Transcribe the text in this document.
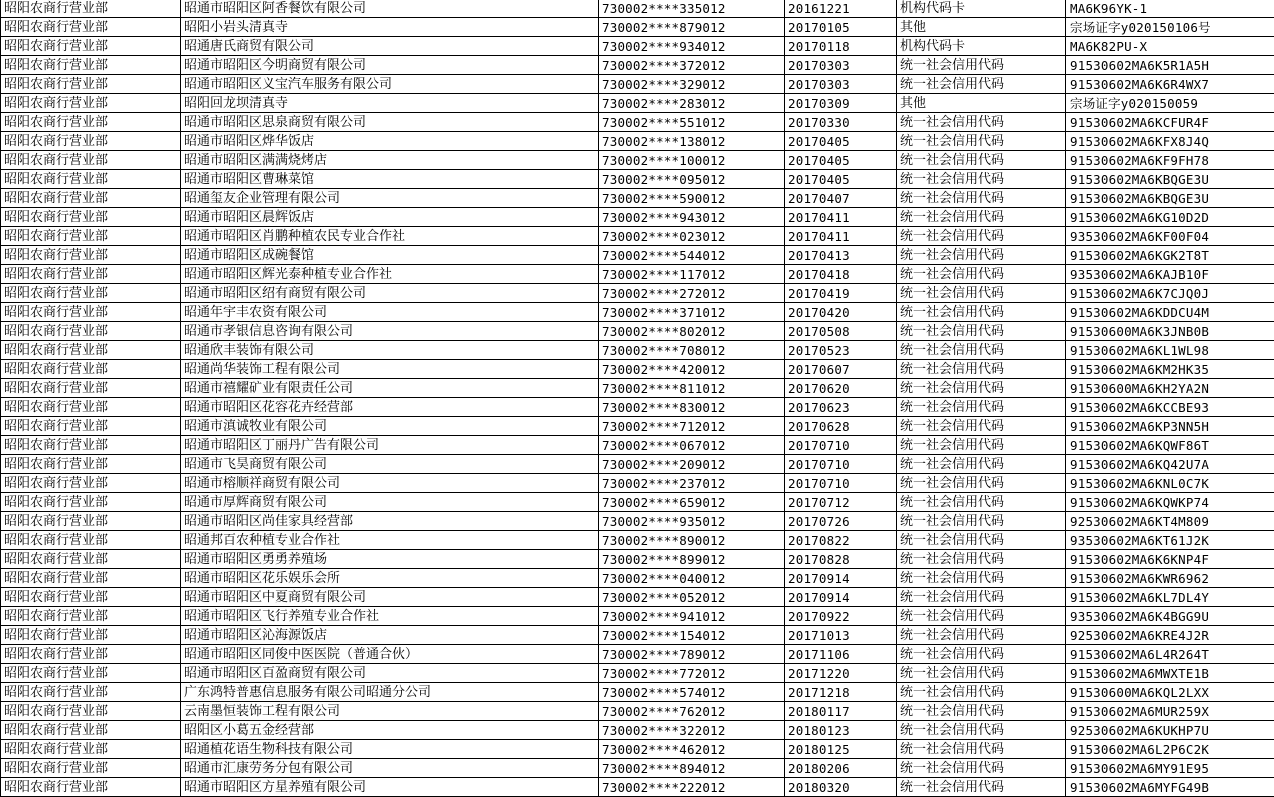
昭阳农商行营业部	昭通市昭阳区阿香餐饮有限公司	730002****335012	20161221	机构代码卡	MA6K96YK-1
昭阳农商行营业部	昭阳小岩头清真寺	730002****879012	20170105	其他	宗场证字y020150106号
昭阳农商行营业部	昭通唐氏商贸有限公司	730002****934012	20170118	机构代码卡	MA6K82PU-X
昭阳农商行营业部	昭通市昭阳区今明商贸有限公司	730002****372012	20170303	统一社会信用代码	91530602MA6K5R1A5H
昭阳农商行营业部	昭通市昭阳区义宝汽车服务有限公司	730002****329012	20170303	统一社会信用代码	91530602MA6K6R4WX7
昭阳农商行营业部	昭阳回龙坝清真寺	730002****283012	20170309	其他	宗场证字y020150059
昭阳农商行营业部	昭通市昭阳区思泉商贸有限公司	730002****551012	20170330	统一社会信用代码	91530602MA6KCFUR4F
昭阳农商行营业部	昭通市昭阳区烨华饭店	730002****138012	20170405	统一社会信用代码	91530602MA6KFX8J4Q
昭阳农商行营业部	昭通市昭阳区满满烧烤店	730002****100012	20170405	统一社会信用代码	91530602MA6KF9FH78
昭阳农商行营业部	昭通市昭阳区曹琳菜馆	730002****095012	20170405	统一社会信用代码	91530602MA6KBQGE3U
昭阳农商行营业部	昭通玺友企业管理有限公司	730002****590012	20170407	统一社会信用代码	91530602MA6KBQGE3U
昭阳农商行营业部	昭通市昭阳区晨辉饭店	730002****943012	20170411	统一社会信用代码	91530602MA6KG10D2D
昭阳农商行营业部	昭通市昭阳区肖鹏种植农民专业合作社	730002****023012	20170411	统一社会信用代码	93530602MA6KF00F04
昭阳农商行营业部	昭通市昭阳区成碗餐馆	730002****544012	20170413	统一社会信用代码	91530602MA6KGK2T8T
昭阳农商行营业部	昭通市昭阳区辉光泰种植专业合作社	730002****117012	20170418	统一社会信用代码	93530602MA6KAJB10F
昭阳农商行营业部	昭通市昭阳区绍有商贸有限公司	730002****272012	20170419	统一社会信用代码	91530602MA6K7CJQ0J
昭阳农商行营业部	昭通年宇丰农资有限公司	730002****371012	20170420	统一社会信用代码	91530602MA6KDDCU4M
昭阳农商行营业部	昭通市孝银信息咨询有限公司	730002****802012	20170508	统一社会信用代码	91530600MA6K3JNB0B
昭阳农商行营业部	昭通欣丰装饰有限公司	730002****708012	20170523	统一社会信用代码	91530602MA6KL1WL98
昭阳农商行营业部	昭通尚华装饰工程有限公司	730002****420012	20170607	统一社会信用代码	91530602MA6KM2HK35
昭阳农商行营业部	昭通市禧耀矿业有限责任公司	730002****811012	20170620	统一社会信用代码	91530600MA6KH2YA2N
昭阳农商行营业部	昭通市昭阳区花容花卉经营部	730002****830012	20170623	统一社会信用代码	91530602MA6KCCBE93
昭阳农商行营业部	昭通市滇诚牧业有限公司	730002****712012	20170628	统一社会信用代码	91530602MA6KP3NN5H
昭阳农商行营业部	昭通市昭阳区丁丽丹广告有限公司	730002****067012	20170710	统一社会信用代码	91530602MA6KQWF86T
昭阳农商行营业部	昭通市飞昊商贸有限公司	730002****209012	20170710	统一社会信用代码	91530602MA6KQ42U7A
昭阳农商行营业部	昭通市榕顺祥商贸有限公司	730002****237012	20170710	统一社会信用代码	91530602MA6KNL0C7K
昭阳农商行营业部	昭通市厚辉商贸有限公司	730002****659012	20170712	统一社会信用代码	91530602MA6KQWKP74
昭阳农商行营业部	昭通市昭阳区尚佳家具经营部	730002****935012	20170726	统一社会信用代码	92530602MA6KT4M809
昭阳农商行营业部	昭通邦百农种植专业合作社	730002****890012	20170822	统一社会信用代码	93530602MA6KT61J2K
昭阳农商行营业部	昭通市昭阳区勇勇养殖场	730002****899012	20170828	统一社会信用代码	91530602MA6K6KNP4F
昭阳农商行营业部	昭通市昭阳区花乐娱乐会所	730002****040012	20170914	统一社会信用代码	91530602MA6KWR6962
昭阳农商行营业部	昭通市昭阳区中夏商贸有限公司	730002****052012	20170914	统一社会信用代码	91530602MA6KL7DL4Y
昭阳农商行营业部	昭通市昭阳区飞行养殖专业合作社	730002****941012	20170922	统一社会信用代码	93530602MA6K4BGG9U
昭阳农商行营业部	昭通市昭阳区沁海源饭店	730002****154012	20171013	统一社会信用代码	92530602MA6KRE4J2R
昭阳农商行营业部	昭通市昭阳区同俊中医医院（普通合伙）	730002****789012	20171106	统一社会信用代码	91530602MA6L4R264T
昭阳农商行营业部	昭通市昭阳区百盈商贸有限公司	730002****772012	20171220	统一社会信用代码	91530602MA6MWXTE1B
昭阳农商行营业部	广东鸿特普惠信息服务有限公司昭通分公司	730002****574012	20171218	统一社会信用代码	91530600MA6KQL2LXX
昭阳农商行营业部	云南墨恒装饰工程有限公司	730002****762012	20180117	统一社会信用代码	91530602MA6MUR259X
昭阳农商行营业部	昭阳区小葛五金经营部	730002****322012	20180123	统一社会信用代码	92530602MA6KUKHP7U
昭阳农商行营业部	昭通植花语生物科技有限公司	730002****462012	20180125	统一社会信用代码	91530602MA6L2P6C2K
昭阳农商行营业部	昭通市汇康劳务分包有限公司	730002****894012	20180206	统一社会信用代码	91530602MA6MY91E95
昭阳农商行营业部	昭通市昭阳区方星养殖有限公司	730002****222012	20180320	统一社会信用代码	91530602MA6MYFG49B
